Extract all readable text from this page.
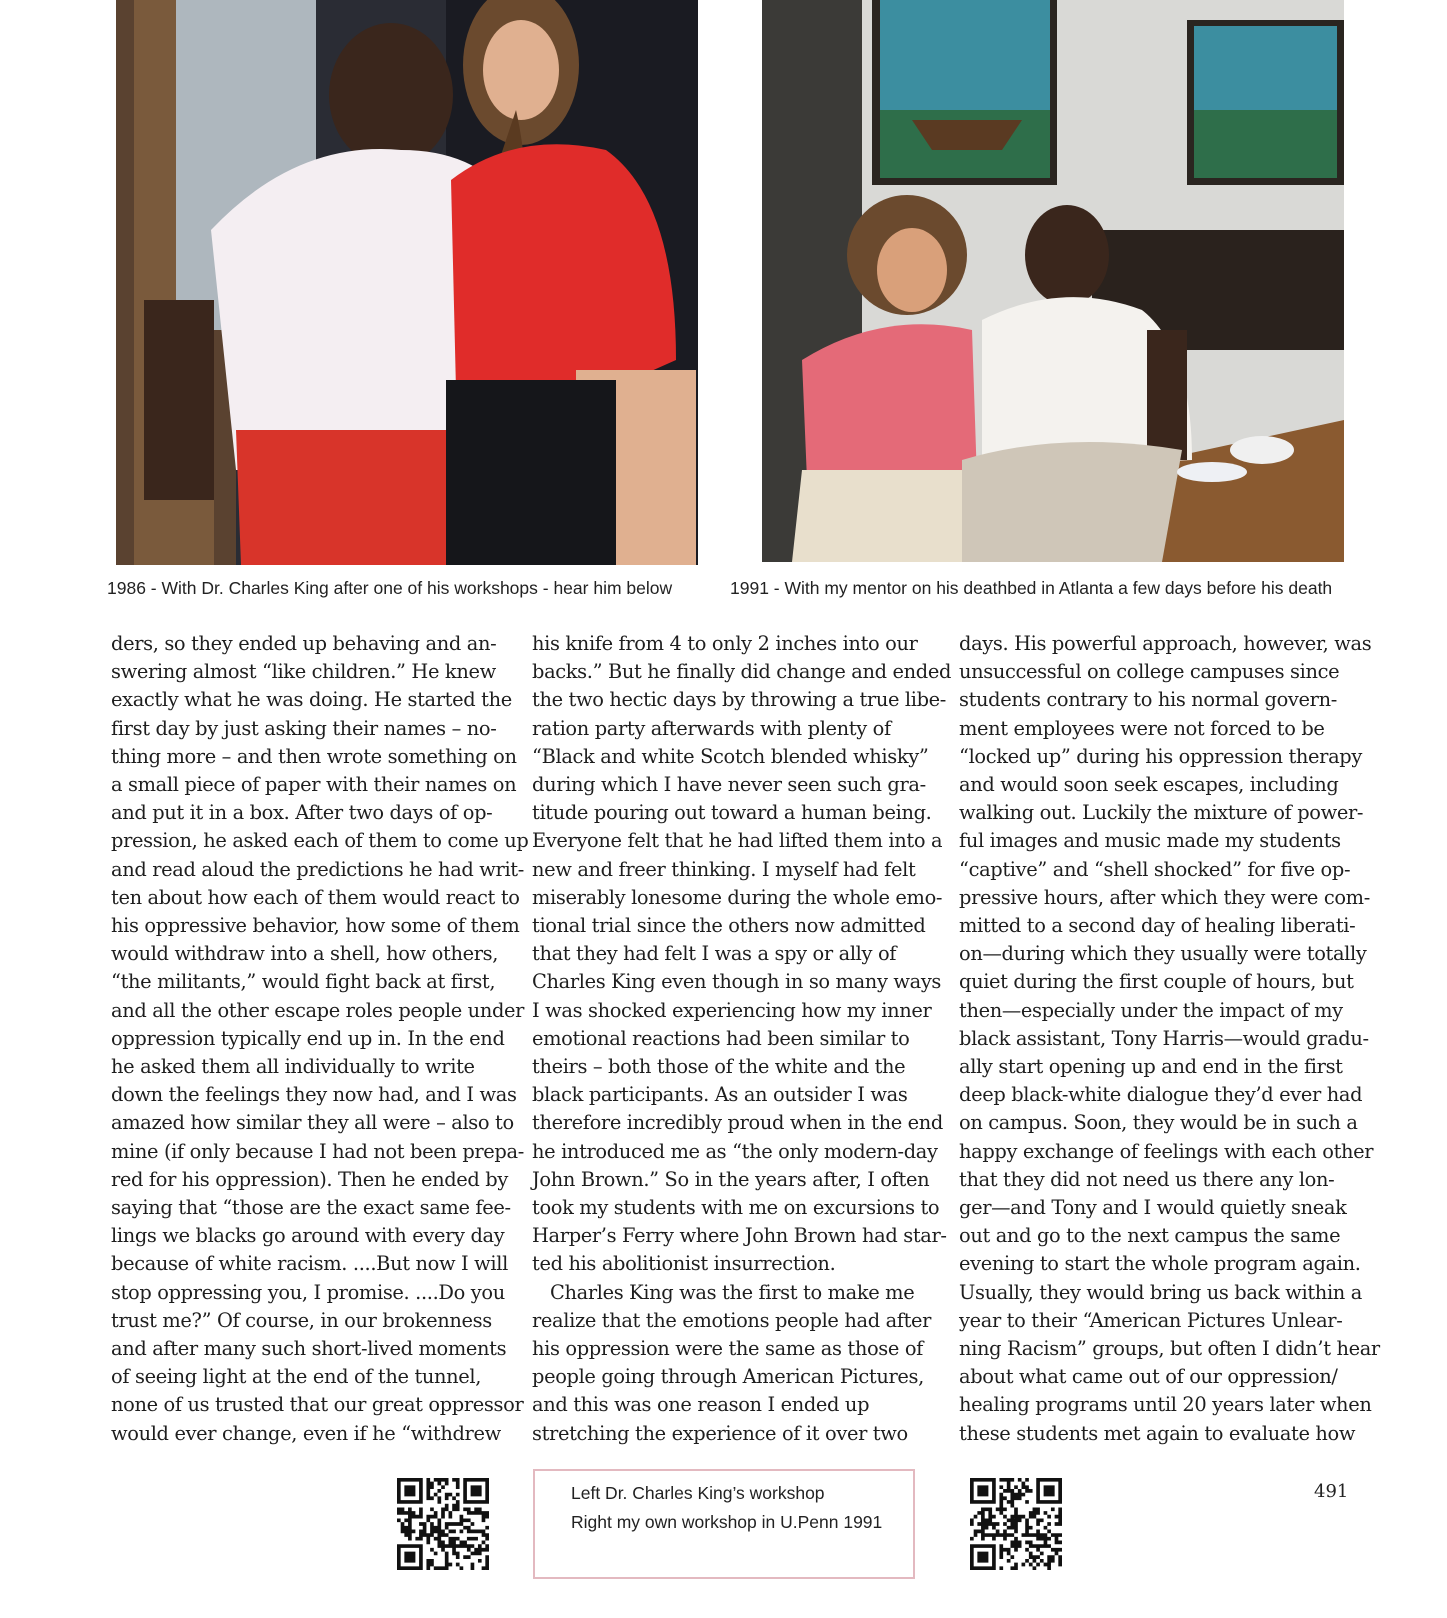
1986 - With Dr. Charles King after one of his workshops - hear him below	1991 - With my mentor on his deathbed in Atlanta a few days before his death
ders, so they ended up behaving and an-
swering almost “like children.” He knew
exactly what he was doing. He started the
first day by just asking their names – no-
thing more – and then wrote something on
a small piece of paper with their names on
and put it in a box. After two days of op-
pression, he asked each of them to come up
and read aloud the predictions he had writ-
ten about how each of them would react to
his oppressive behavior, how some of them
would withdraw into a shell, how others,
“the militants,” would fight back at first,
and all the other escape roles people under
oppression typically end up in. In the end
he asked them all individually to write
down the feelings they now had, and I was
amazed how similar they all were – also to
mine (if only because I had not been prepa-
red for his oppression). Then he ended by
saying that “those are the exact same fee-
lings we blacks go around with every day
because of white racism. ....But now I will
stop oppressing you, I promise. ....Do you
trust me?” Of course, in our brokenness
and after many such short-lived moments
of seeing light at the end of the tunnel,
none of us trusted that our great oppressor
would ever change, even if he “withdrew
his knife from 4 to only 2 inches into our
backs.” But he finally did change and ended
the two hectic days by throwing a true libe-
ration party afterwards with plenty of
“Black and white Scotch blended whisky”
during which I have never seen such gra-
titude pouring out toward a human being.
Everyone felt that he had lifted them into a
new and freer thinking. I myself had felt
miserably lonesome during the whole emo-
tional trial since the others now admitted
that they had felt I was a spy or ally of
Charles King even though in so many ways
I was shocked experiencing how my inner
emotional reactions had been similar to
theirs – both those of the white and the
black participants. As an outsider I was
therefore incredibly proud when in the end
he introduced me as “the only modern-day
John Brown.” So in the years after, I often
took my students with me on excursions to
Harper’s Ferry where John Brown had star-
ted his abolitionist insurrection.
Charles King was the first to make me
realize that the emotions people had after
his oppression were the same as those of
people going through American Pictures,
and this was one reason I ended up
stretching the experience of it over two
days. His powerful approach, however, was
unsuccessful on college campuses since
students contrary to his normal govern-
ment employees were not forced to be
“locked up” during his oppression therapy
and would soon seek escapes, including
walking out. Luckily the mixture of power-
ful images and music made my students
“captive” and “shell shocked” for five op-
pressive hours, after which they were com-
mitted to a second day of healing liberati-
on—during which they usually were totally
quiet during the first couple of hours, but
then—especially under the impact of my
black assistant, Tony Harris—would gradu-
ally start opening up and end in the first
deep black-white dialogue they’d ever had
on campus. Soon, they would be in such a
happy exchange of feelings with each other
that they did not need us there any lon-
ger—and Tony and I would quietly sneak
out and go to the next campus the same
evening to start the whole program again.
Usually, they would bring us back within a
year to their “American Pictures Unlear-
ning Racism” groups, but often I didn’t hear
about what came out of our oppression/
healing programs until 20 years later when
these students met again to evaluate how
Left Dr. Charles King’s workshop
Right my own workshop in U.Penn 1991
491
